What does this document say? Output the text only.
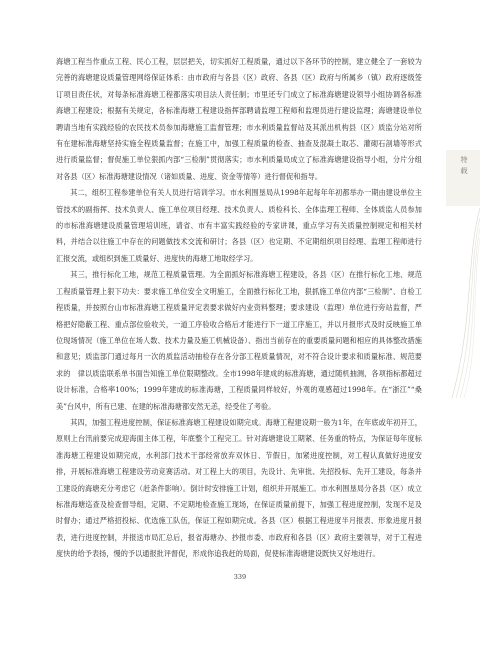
海塘工程当作重点工程、民心工程，层层把关，切实抓好工程质量，通过以下各环节的控制，建立健全了一套较为完善的海塘建设质量管理网络保证体系：由市政府与各县（区）政府、各县（区）政府与所属乡（镇）政府逐级签订项目责任状，对每条标准海塘工程都落实项目法人责任制；市里还专门成立了标准海塘建设领导小组协调各标准海塘工程建设；根据有关规定，各标准海塘工程建设指挥部聘请监理工程师和监理员进行建设监理；海塘建设单位聘请当地有实践经验的农民技术员参加海塘施工监督管理；市水利质量监督站及其派出机构县（区）质监分站对所有在建标准海塘坚持实施全程质量监督；在施工中，加强工程质量的检查、抽查及混凝土取芯、灌砌石剖墙等形式进行质量监督；督促施工单位狠抓内部“三检制”贯彻落实；市水利质量局成立了标准海塘建设指导小组，分片分组对各县（区）标准海塘建设情况（诸如质量、进度、资金等情等）进行督促和指导。

其二，组织工程参建单位有关人员进行培训学习。市水利围垦局从1998年起每年年初都举办一期由建设单位主管技术的副指挥、技术负责人、施工单位项目经理、技术负责人、质检科长、全体监理工程师、全体质监人员参加的市标准海塘建设质量管理培训班，请省、市有丰富实践经验的专家讲课，重点学习有关质量控制规定和相关材料，并结合以往施工中存在的问题做技术交流和研讨；各县（区）也定期、不定期组织项目经理、监理工程师进行汇报交流，或组织到施工质量好、进度快的海塘工地取经学习。

其三，推行标化工地，规范工程质量管理。为全面抓好标准海塘工程建设，各县（区）在推行标化工地、规范工程质量管理上狠下功夫：要求施工单位安全文明施工，全面推行标化工地，狠抓施工单位内部“三检制”、自检工程质量，并按照台山市标准海塘工程质量评定表要求做好内业资料整理；要求建设（监理）单位进行旁站监督，严格把好隐蔽工程、重点部位验收关，一道工序验收合格后才能进行下一道工序施工，并以月报形式及时反映施工单位现场情况（施工单位在场人数、技术力量及施工机械设备）、指出当前存在的重要质量问题和相应的具体整改措施和意见；质监部门通过每月一次的质监活动抽检存在各分部工程质量情况，对不符合设计要求和质量标准、规范要求的　律以质监联系单书面告知施工单位限期整改。全市1998年建成的标准海塘，通过随机抽测，各项指标都超过设计标准，合格率100%；1999年建成的标准海塘，工程质量同样较好，外观的观感超过1998年。在“浙江”“桑美”台风中，所有已建、在建的标准海塘都安然无恙，经受住了考验。

其四，加强工程进度控制，保证标准海塘工程建设如期完成。海塘工程建设期一般为1年，在年底或年初开工，原则上台汛前要完成迎海面主体工程，年底整个工程完工。针对海塘建设工期紧、任务重的特点，为保证每年度标准海塘工程建设如期完成，水利部门技术干部经常放弃双休日、节假日，加紧进度控制，对工程认真做好进度安排，开展标准海塘工程建设劳动竞赛活动。对工程上大的项目，先设计、先审批、先招投标、先开工建设，每条并工建设的海塘充分考虑它（赶条件影响）。倒计时安排施工计划，组织并开展施工。市水利围垦局分各县（区）成立标准海塘巡查及检查督导组，定期、不定期地检查施工现场，在保证质量前提下，加强工程进度控制，发现不足及时督办；通过严格招投标、优选施工队伍，保证工程如期完成。各县（区）根据工程进度半月报表、形象进度月报表，进行进度控制，并报送市局汇总后，报省海塘办、抄报市委、市政府和各县（区）政府主要领导，对于工程进度快的给予表扬，慢的予以通报批评督促，形成你追我赶的局面，促使标准海塘建设既快又好地进行。

特载
339
